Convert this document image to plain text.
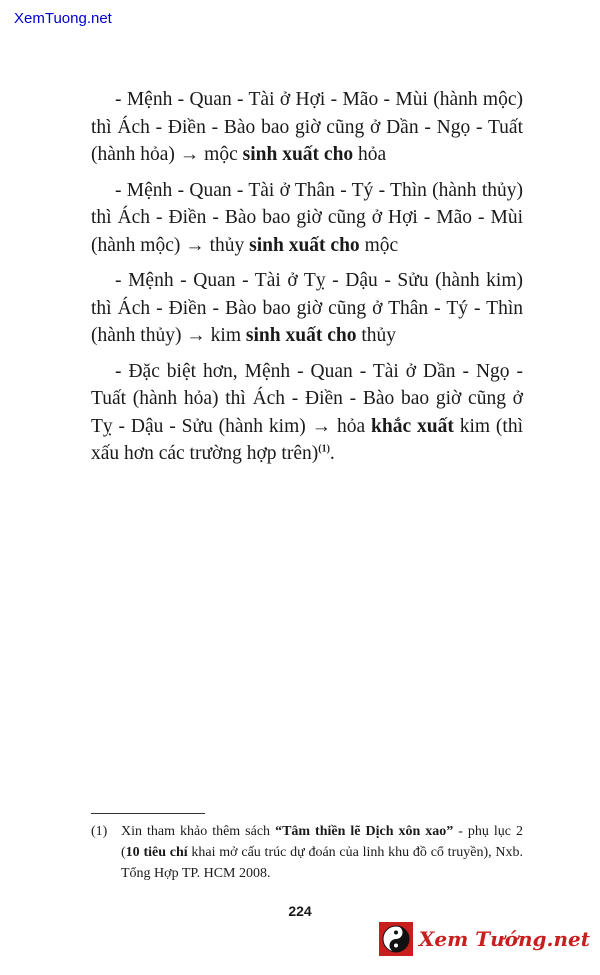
XemTuong.net

- Mệnh - Quan - Tài ở Hợi - Mão - Mùi (hành mộc) thì Ách - Điền - Bào bao giờ cũng ở Dần - Ngọ - Tuất (hành hỏa) → mộc sinh xuất cho hỏa

- Mệnh - Quan - Tài ở Thân - Tý - Thìn (hành thủy) thì Ách - Điền - Bào bao giờ cũng ở Hợi - Mão - Mùi (hành mộc) → thủy sinh xuất cho mộc

- Mệnh - Quan - Tài ở Tỵ - Dậu - Sửu (hành kim) thì Ách - Điền - Bào bao giờ cũng ở Thân - Tý - Thìn (hành thủy) → kim sinh xuất cho thủy

- Đặc biệt hơn, Mệnh - Quan - Tài ở Dần - Ngọ - Tuất (hành hỏa) thì Ách - Điền - Bào bao giờ cũng ở Tỵ - Dậu - Sửu (hành kim) → hỏa khắc xuất kim (thì xấu hơn các trường hợp trên)$^{(1)}$.

(1) Xin tham khảo thêm sách “Tâm thiền lẽ Dịch xôn xao” - phụ lục 2 (10 tiêu chí khai mở cấu trúc dự đoán của linh khu đồ cổ truyền), Nxb. Tổng Hợp TP. HCM 2008.
224
Xem Tướng.net
